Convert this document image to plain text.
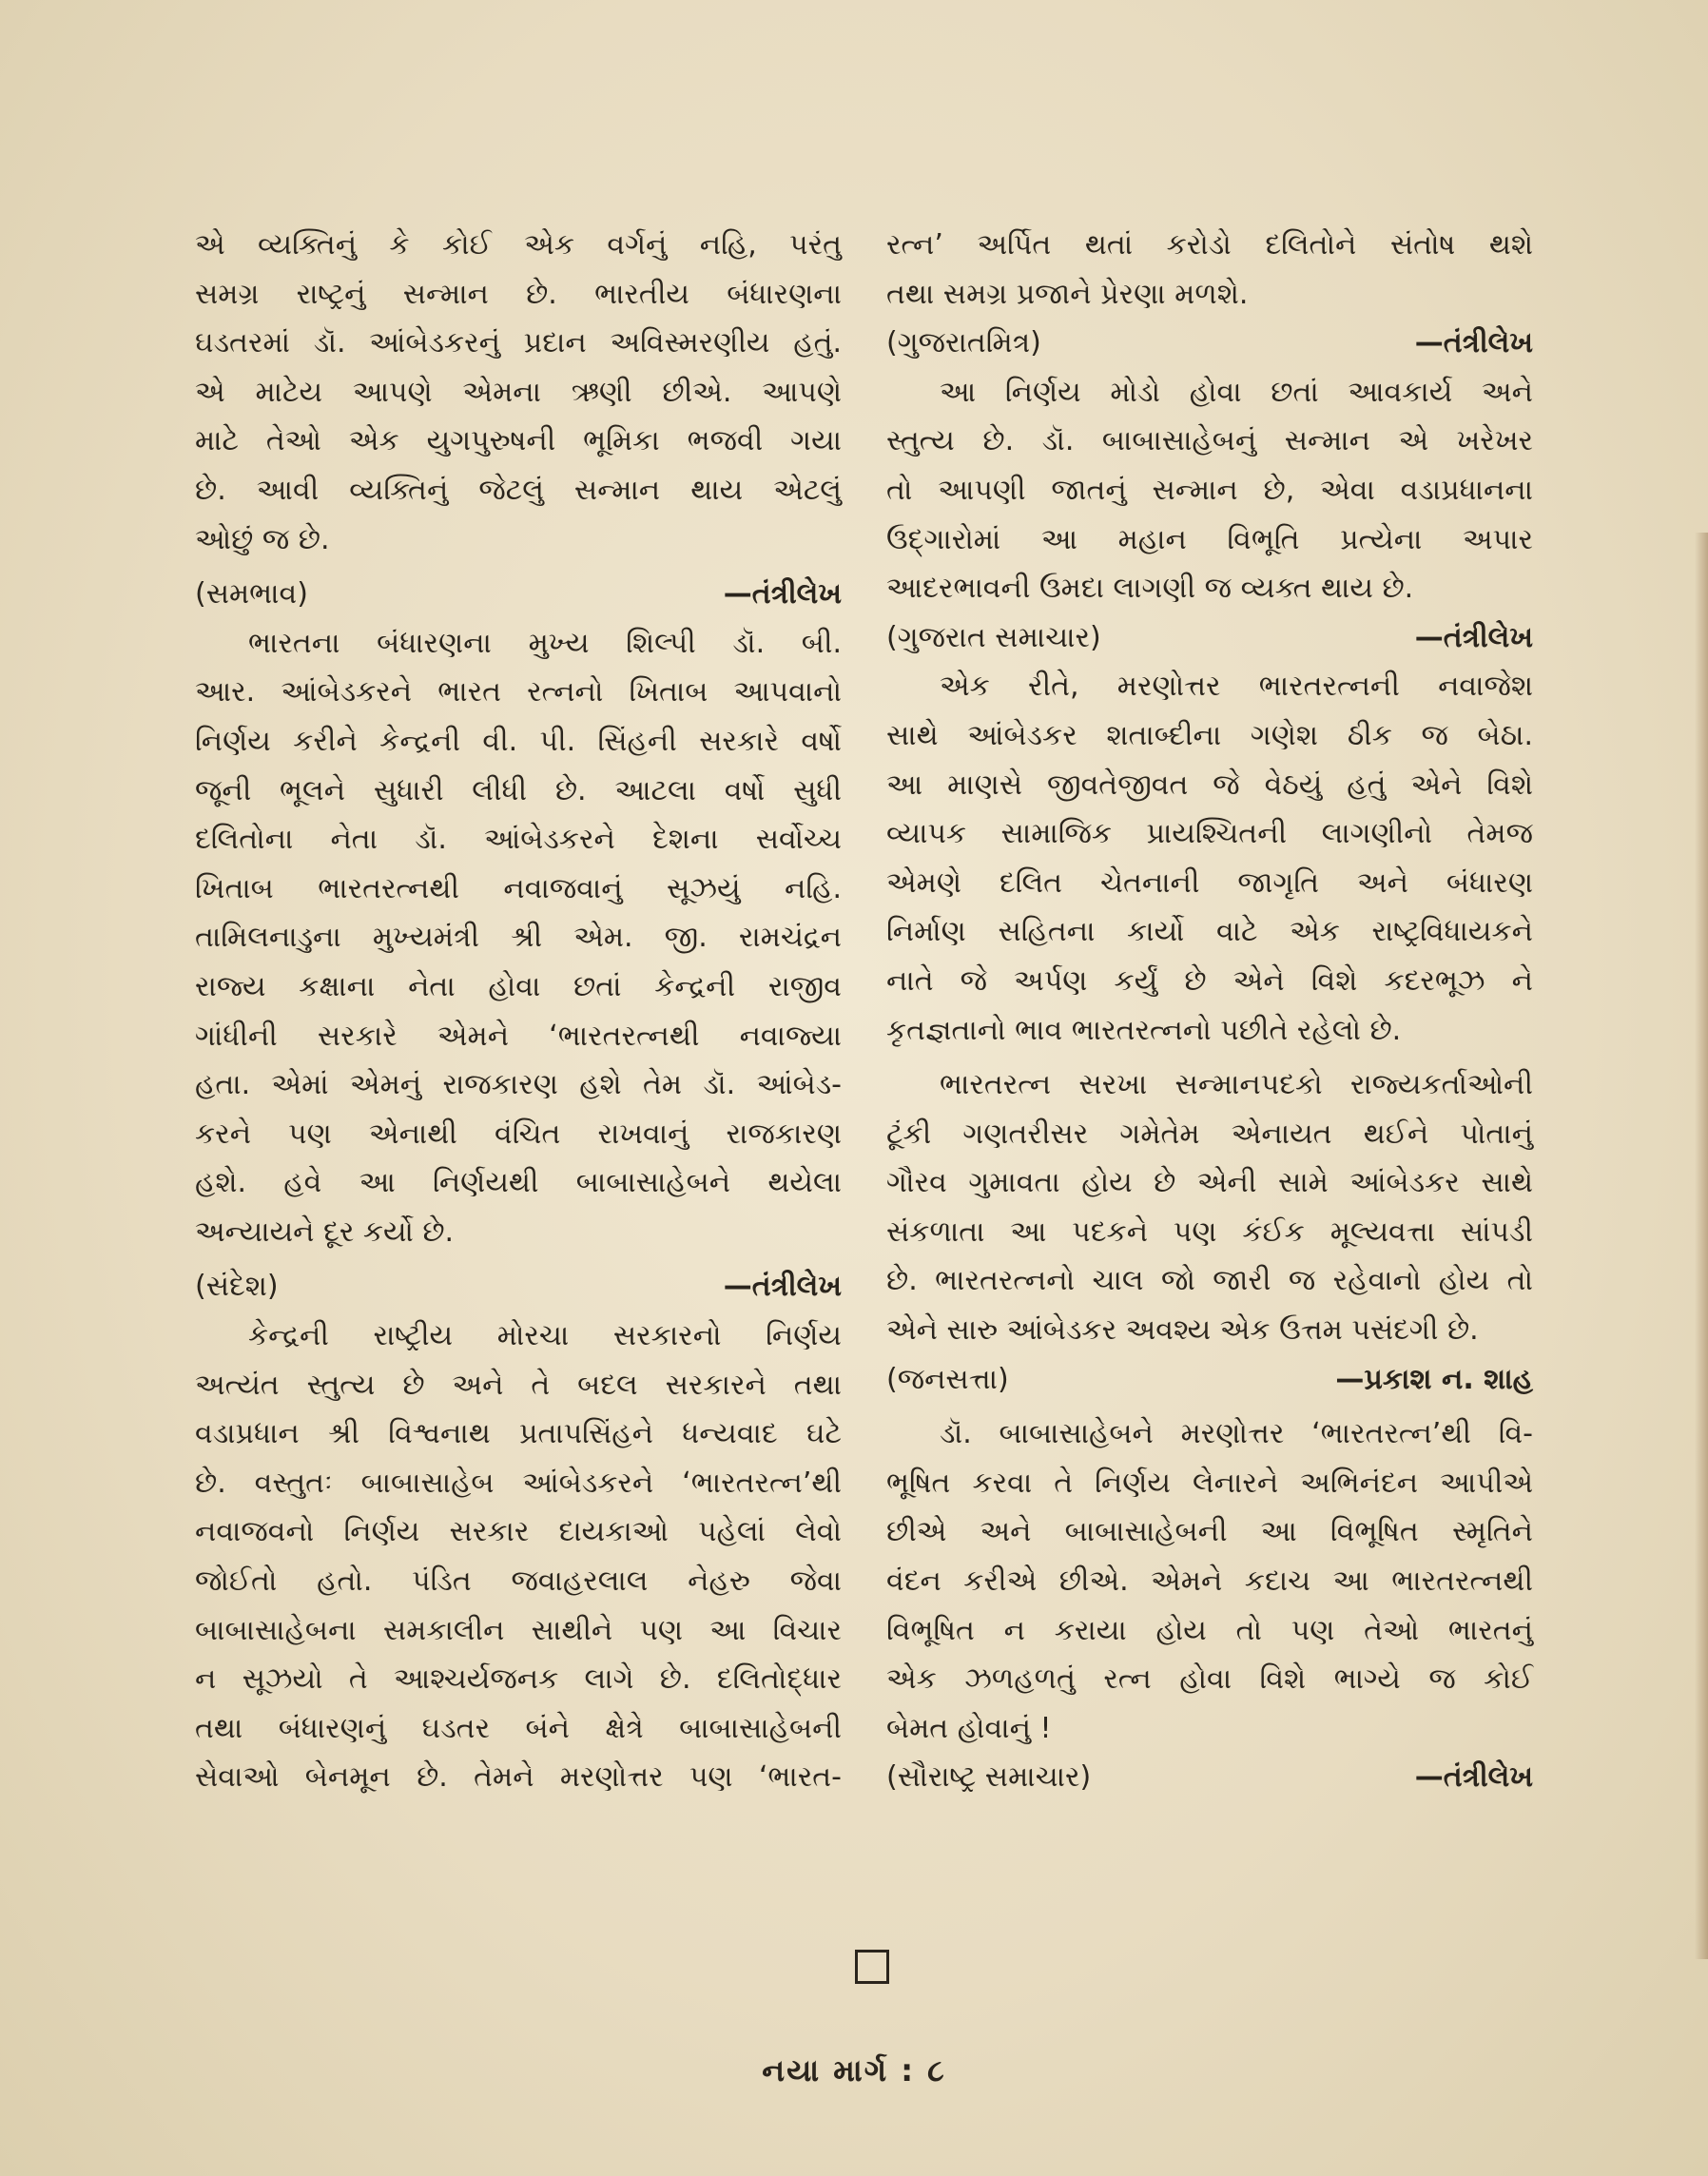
એ વ્યક્તિનું કે કોઈ એક વર્ગનું નહિ, પરંતુ
સમગ્ર રાષ્ટ્રનું સન્માન છે. ભારતીય બંધારણના
ઘડતરમાં ડૉ. આંબેડકરનું પ્રદાન અવિસ્મરણીય હતું.
એ માટેય આપણે એમના ઋણી છીએ. આપણે
માટે તેઓ એક યુગપુરુષની ભૂમિકા ભજવી ગયા
છે. આવી વ્યક્તિનું જેટલું સન્માન થાય એટલું
ઓછું જ છે.
(સમભાવ)	—તંત્રીલેખ
ભારતના બંધારણના મુખ્ય શિલ્પી ડૉ. બી.
આર. આંબેડકરને ભારત રત્નનો ખિતાબ આપવાનો
નિર્ણય કરીને કેન્દ્રની વી. પી. સિંહની સરકારે વર્ષો
જૂની ભૂલને સુધારી લીધી છે. આટલા વર્ષો સુધી
દલિતોના નેતા ડૉ. આંબેડકરને દેશના સર્વોચ્ચ
ખિતાબ ભારતરત્નથી નવાજવાનું સૂઝયું નહિ.
તામિલનાડુના મુખ્યમંત્રી શ્રી એમ. જી. રામચંદ્રન
રાજ્ય કક્ષાના નેતા હોવા છતાં કેન્દ્રની રાજીવ
ગાંધીની સરકારે એમને ‘ભારતરત્નથી નવાજ્યા
હતા. એમાં એમનું રાજકારણ હશે તેમ ડૉ. આંબેડ-
કરને પણ એનાથી વંચિત રાખવાનું રાજકારણ
હશે. હવે આ નિર્ણયથી બાબાસાહેબને થયેલા
અન્યાયને દૂર કર્યો છે.
(સંદેશ)	—તંત્રીલેખ
કેન્દ્રની રાષ્ટ્રીય મોરચા સરકારનો નિર્ણય
અત્યંત સ્તુત્ય છે અને તે બદલ સરકારને તથા
વડાપ્રધાન શ્રી વિશ્વનાથ પ્રતાપસિંહને ધન્યવાદ ઘટે
છે. વસ્તુતઃ બાબાસાહેબ આંબેડકરને ‘ભારતરત્ન’થી
નવાજવનો નિર્ણય સરકાર દાયકાઓ પહેલાં લેવો
જોઈતો હતો. પંડિત જવાહરલાલ નેહરુ જેવા
બાબાસાહેબના સમકાલીન સાથીને પણ આ વિચાર
ન સૂઝયો તે આશ્ચર્યજનક લાગે છે. દલિતોદ્ધાર
તથા બંધારણનું ઘડતર બંને ક્ષેત્રે બાબાસાહેબની
સેવાઓ બેનમૂન છે. તેમને મરણોત્તર પણ ‘ભારત-
રત્ન’ અર્પિત થતાં કરોડો દલિતોને સંતોષ થશે
તથા સમગ્ર પ્રજાને પ્રેરણા મળશે.
(ગુજરાતમિત્ર)	—તંત્રીલેખ
આ નિર્ણય મોડો હોવા છતાં આવકાર્ય અને
સ્તુત્ય છે. ડૉ. બાબાસાહેબનું સન્માન એ ખરેખર
તો આપણી જાતનું સન્માન છે, એવા વડાપ્રધાનના
ઉદ્ગારોમાં આ મહાન વિભૂતિ પ્રત્યેના અપાર
આદરભાવની ઉમદા લાગણી જ વ્યક્ત થાય છે.
(ગુજરાત સમાચાર)	—તંત્રીલેખ
એક રીતે, મરણોત્તર ભારતરત્નની નવાજેશ
સાથે આંબેડકર શતાબ્દીના ગણેશ ઠીક જ બેઠા.
આ માણસે જીવતેજીવત જે વેઠયું હતું એને વિશે
વ્યાપક સામાજિક પ્રાયશ્ચિતની લાગણીનો તેમજ
એમણે દલિત ચેતનાની જાગૃતિ અને બંધારણ
નિર્માણ સહિતના કાર્યો વાટે એક રાષ્ટ્રવિધાયકને
નાતે જે અર્પણ કર્યું છે એને વિશે કદરભૂઝ ને
કૃતજ્ઞતાનો ભાવ ભારતરત્નનો પછીતે રહેલો છે.
ભારતરત્ન સરખા સન્માનપદકો રાજ્યકર્તાઓની
ટૂંકી ગણતરીસર ગમેતેમ એનાયત થઈને પોતાનું
ગૌરવ ગુમાવતા હોય છે એની સામે આંબેડકર સાથે
સંકળાતા આ પદકને પણ કંઈક મૂલ્યવત્તા સાંપડી
છે. ભારતરત્નનો ચાલ જો જારી જ રહેવાનો હોય તો
એને સારુ આંબેડકર અવશ્ય એક ઉત્તમ પસંદગી છે.
(જનસત્તા)	—પ્રકાશ ન. શાહ
ડૉ. બાબાસાહેબને મરણોત્તર ‘ભારતરત્ન’થી વિ-
ભૂષિત કરવા તે નિર્ણય લેનારને અભિનંદન આપીએ
છીએ અને બાબાસાહેબની આ વિભૂષિત સ્મૃતિને
વંદન કરીએ છીએ. એમને કદાચ આ ભારતરત્નથી
વિભૂષિત ન કરાયા હોય તો પણ તેઓ ભારતનું
એક ઝળહળતું રત્ન હોવા વિશે ભાગ્યે જ કોઈ
બેમત હોવાનું !
(સૌરાષ્ટ્ર સમાચાર)	—તંત્રીલેખ
નયા માર્ગ : ૮
